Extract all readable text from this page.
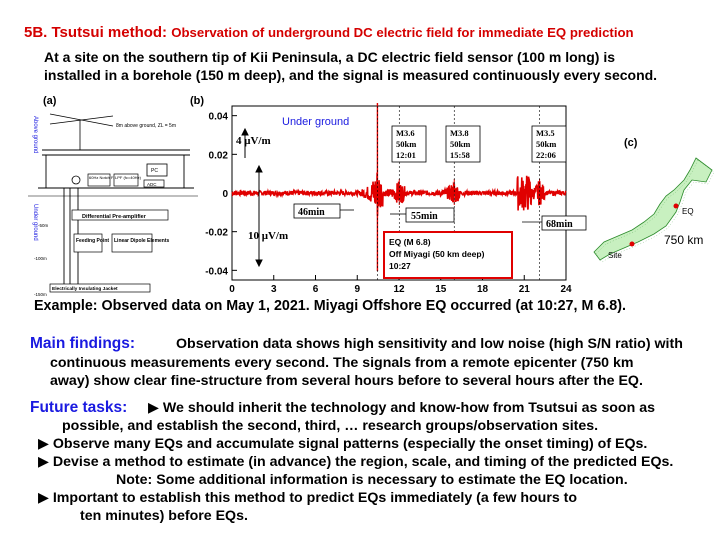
5B. Tsutsui method: Observation of underground DC electric field for immediate EQ prediction
At a site on the southern tip of Kii Peninsula, a DC electric field sensor (100 m long) is
installed in a borehole (150 m deep), and the signal is measured continuously every second.
(a)
Above ground
Under ground
8m above ground, ZL = 5m
PC
60Hz Notch F. LPF (fc=40Hz)
ADC
Differential Pre-amplifier
Feeding Point Linear Dipole Elements
Electrically Insulating Jacket
-50m
-100m
-150m
(b)
0.04
0.02
0
-0.02
-0.04
0	3	6	9	12	15	18	21	24
Under ground
4 μV/m
10 μV/m
M3.6
50km
12:01
M3.8
50km
15:58
M3.5
50km
22:06
46min	55min
68min
EQ (M 6.8)
Off Miyagi (50 km deep)
10:27
(c)
EQ
Site
750 km
Example: Observed data on May 1, 2021. Miyagi Offshore EQ occurred (at 10:27, M 6.8).
Main findings:	Observation data shows high sensitivity and low noise (high S/N ratio) with
continuous measurements every second. The signals from a remote epicenter (750 km
away) show clear fine-structure from several hours before to several hours after the EQ.
Future tasks: ▶ We should inherit the technology and know-how from Tsutsui as soon as
possible, and establish the second, third, … research groups/observation sites.
▶ Observe many EQs and accumulate signal patterns (especially the onset timing) of EQs.
▶ Devise a method to estimate (in advance) the region, scale, and timing of the predicted EQs.
Note: Some additional information is necessary to estimate the EQ location.
▶ Important to establish this method to predict EQs immediately (a few hours to
ten minutes) before EQs.
